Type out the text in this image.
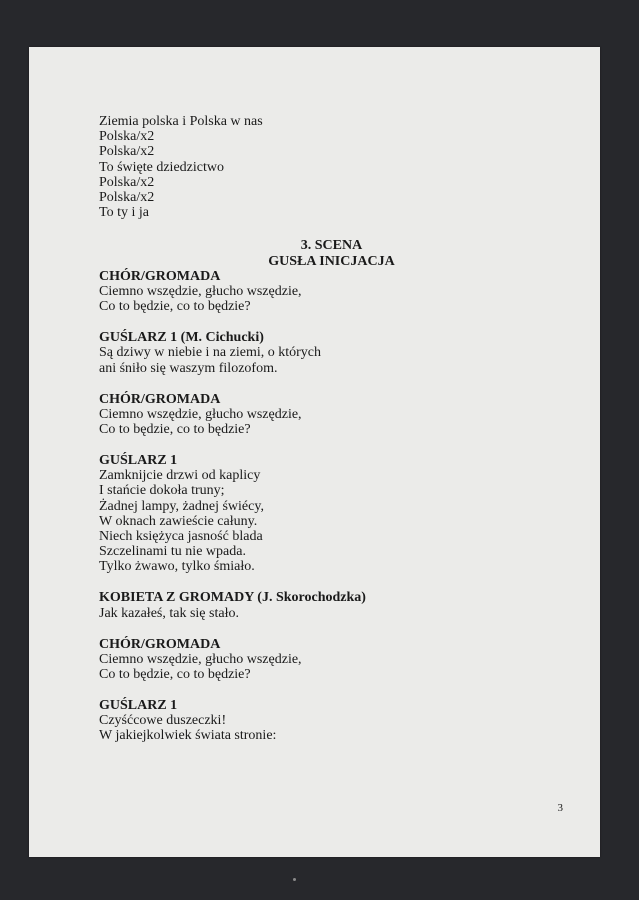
Ziemia polska i Polska w nas
Polska/x2
Polska/x2
To święte dziedzictwo
Polska/x2
Polska/x2
To ty i ja
3. SCENA
GUSŁA INICJACJA
CHÓR/GROMADA
Ciemno wszędzie, głucho wszędzie,
Co to będzie, co to będzie?
GUŚLARZ 1 (M. Cichucki)
Są dziwy w niebie i na ziemi, o których
ani śniło się waszym filozofom.
CHÓR/GROMADA
Ciemno wszędzie, głucho wszędzie,
Co to będzie, co to będzie?
GUŚLARZ 1
Zamknijcie drzwi od kaplicy
I stańcie dokoła truny;
Żadnej lampy, żadnej świécy,
W oknach zawieście całuny.
Niech księżyca jasność blada
Szczelinami tu nie wpada.
Tylko żwawo, tylko śmiało.
KOBIETA Z GROMADY (J. Skorochodzka)
Jak kazałeś, tak się stało.
CHÓR/GROMADA
Ciemno wszędzie, głucho wszędzie,
Co to będzie, co to będzie?
GUŚLARZ 1
Czyśćcowe duszeczki!
W jakiejkolwiek świata stronie:
3
